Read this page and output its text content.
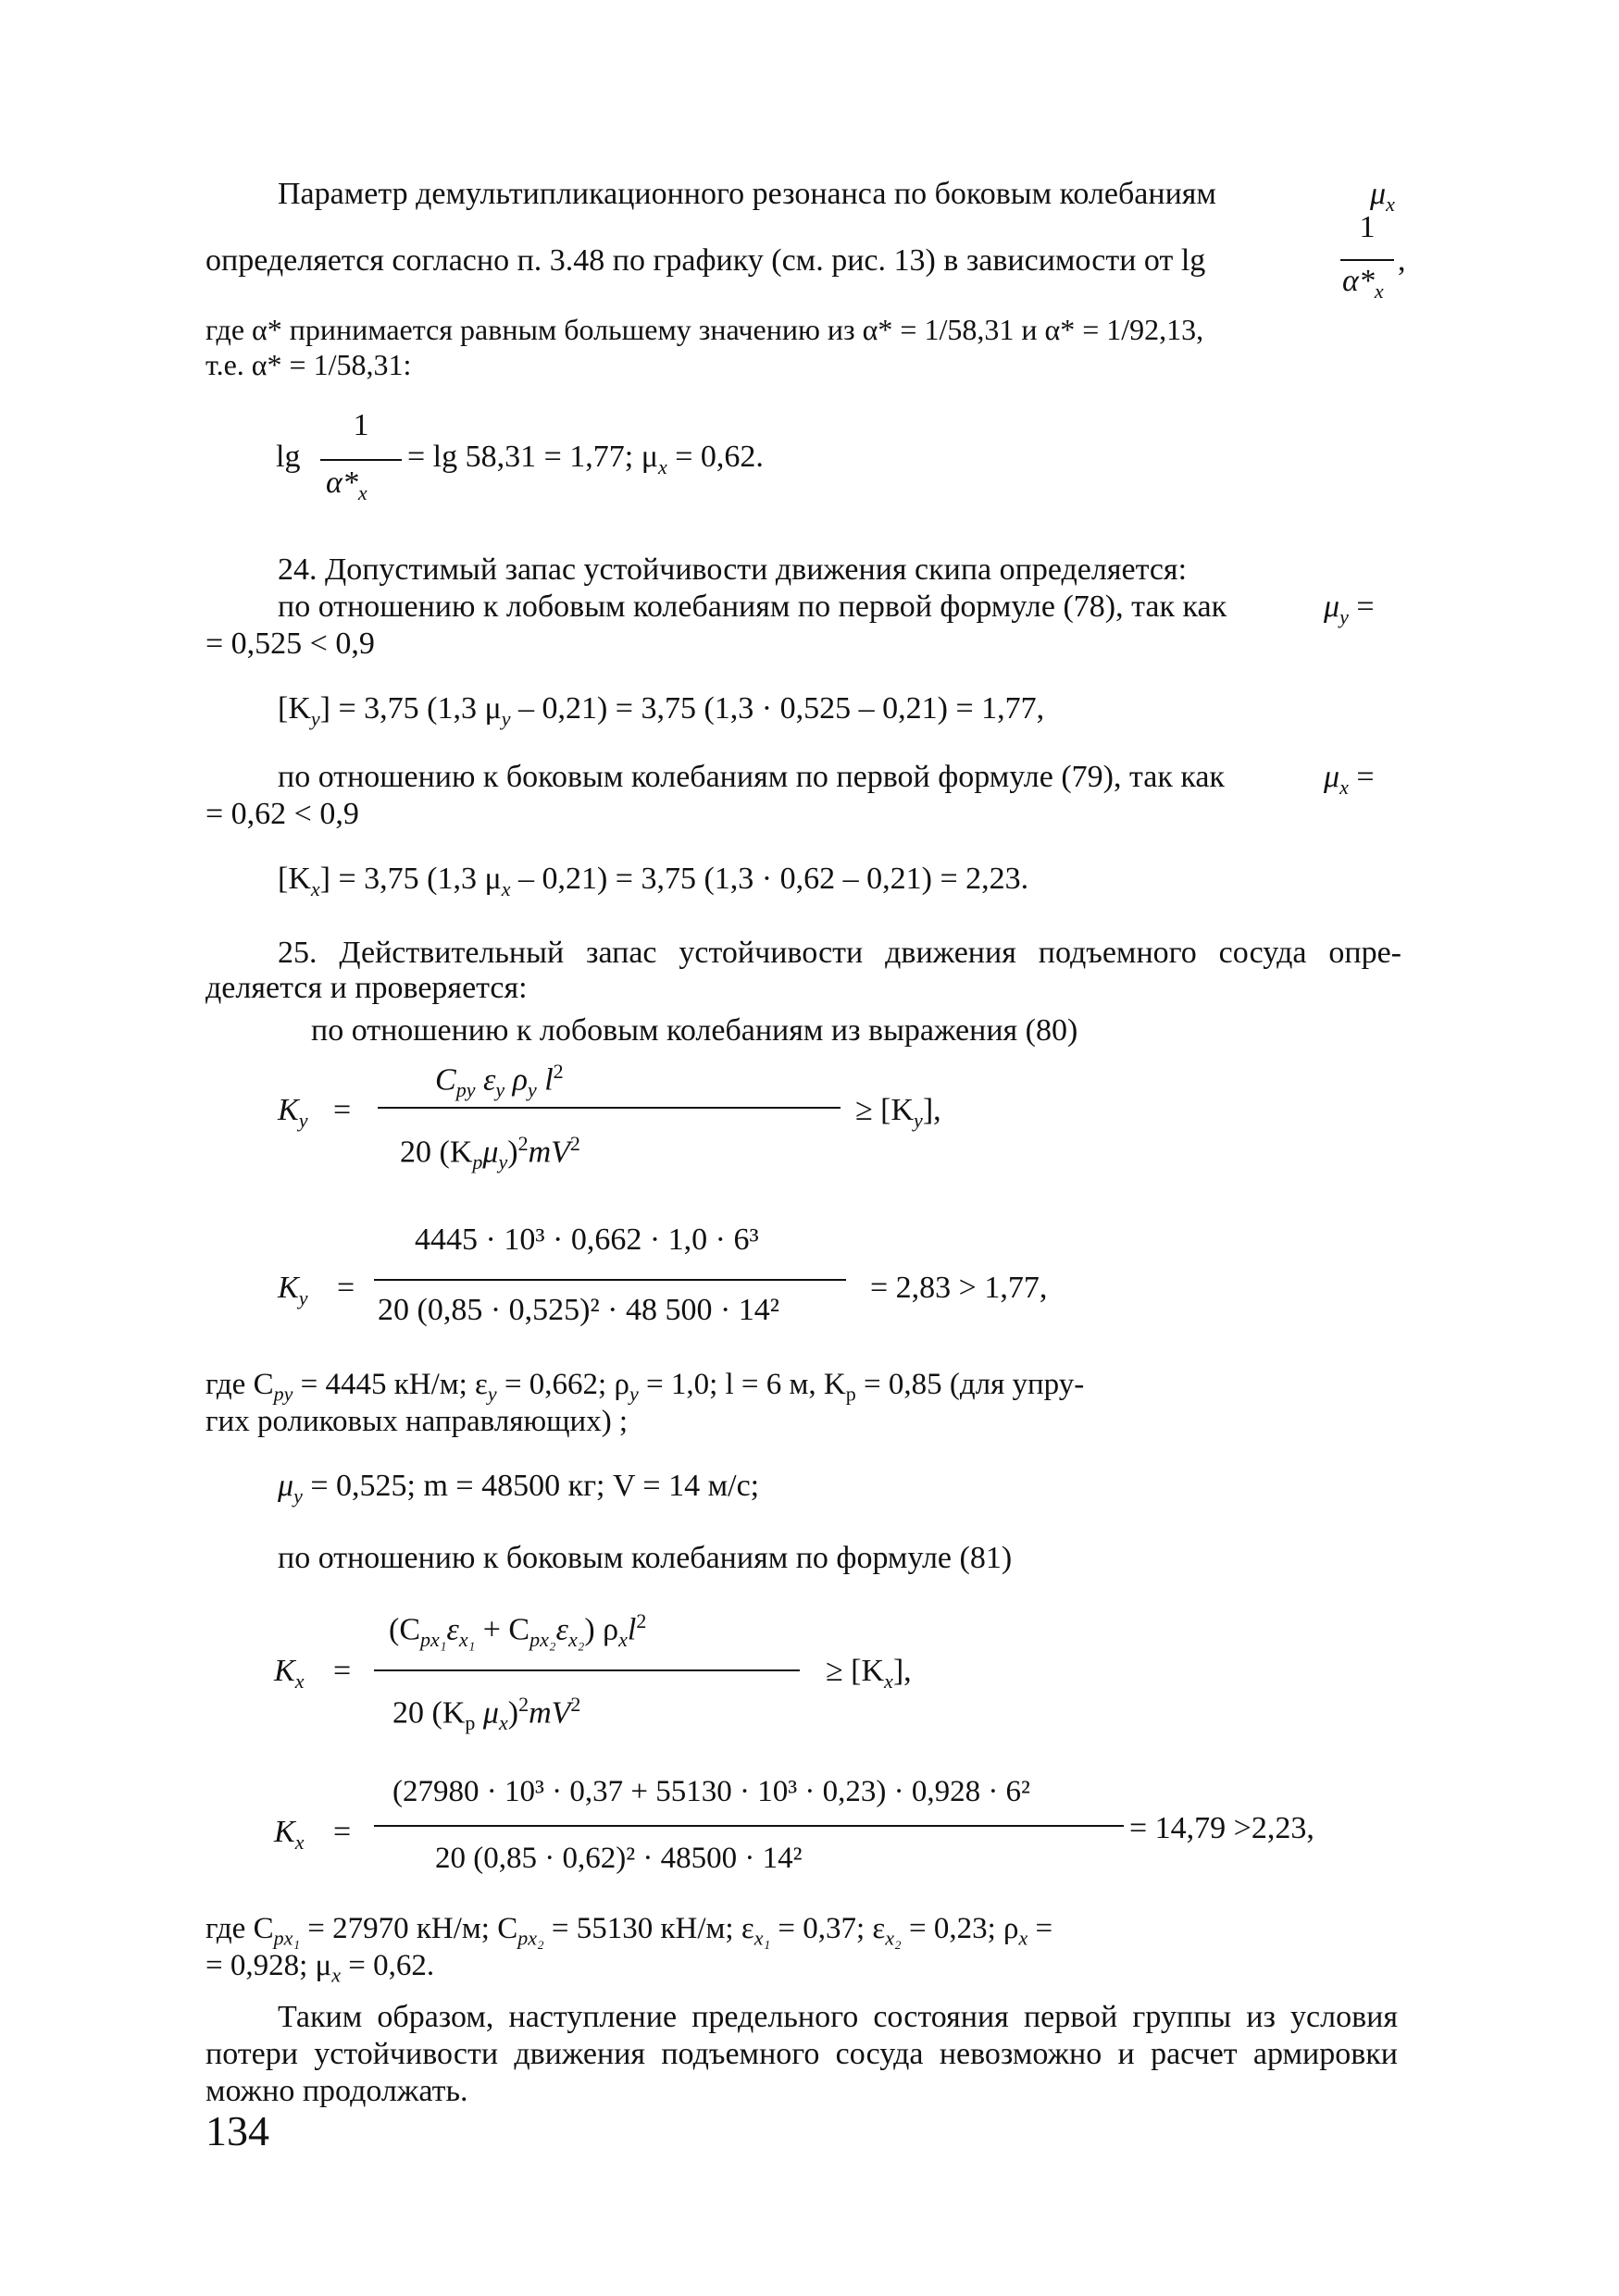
Параметр демультипликационного резонанса по боковым колебаниям	$\mu_x$
определяется согласно п. 3.48 по графику (см. рис. 13) в зависимости от lg
1
$\alpha*_x$
,
где α* принимается равным большему значению из α* = 1/58,31 и α* = 1/92,13,
т.е. α* = 1/58,31:
lg
1
$\alpha*_x$
= lg 58,31 = 1,77; $\mu_x = 0,62$.
24. Допустимый запас устойчивости движения скипа определяется:
по отношению к лобовым колебаниям по первой формуле (78), так как	$\mu_y$ =
= 0,525 < 0,9
$[K_y] = 3,75$ (1,3 $\mu_y - 0,21) = 3,75$ (1,3 · 0,525 – 0,21) = 1,77,
по отношению к боковым колебаниям по первой формуле (79), так как	$\mu_x$ =
= 0,62 < 0,9
$[K_x] = 3,75$ (1,3 $\mu_x - 0,21) = 3,75$ (1,3 · 0,62 – 0,21) = 2,23.
25. Действительный запас устойчивости движения подъемного сосуда опре-
деляется и проверяется:
по отношению к лобовым колебаниям из выражения (80)
$K_y$ =
$C_{py}$ $\varepsilon_y$ $\rho_y$ $l^2$
20 $(K_p\mu_y)^2mV^2$
≥ $[K_y]$,
$K_y$ =
4445 · 10³ · 0,662 · 1,0 · 6³
20 (0,85 · 0,525)² · 48 500 · 14²
= 2,83 > 1,77,
где $C_{py} = 4445$ кН/м; $\varepsilon_y = 0,662$; $\rho_y = 1,0$; l = 6 м, $K_p = 0,85$ (для упру-
гих роликовых направляющих) ;
$\mu_y = 0,525$; m = 48500 кг; V = 14 м/с;
по отношению к боковым колебаниям по формуле (81)
$K_x$ =
$(C_{px_1}\varepsilon_{x_1} + C_{px_2}\varepsilon_{x_2})$ $\rho_xl^2$
20 ($K_p$ $\mu_x)^2mV^2$
≥ $[K_x]$,
$K_x$ =
(27980 · 10³ · 0,37 + 55130 · 10³ · 0,23) · 0,928 · 6²
20 (0,85 · 0,62)² · 48500 · 14²
= 14,79 >2,23,
где $C_{px_1} = 27970$ кН/м; $C_{px_2} = 55130$ кН/м; $\varepsilon_{x_1} = 0,37$; $\varepsilon_{x_2} = 0,23$; $\rho_x$ =
= 0,928; $\mu_x = 0,62$.
Таким образом, наступление предельного состояния первой группы из условия
потери устойчивости движения подъемного сосуда невозможно и расчет армировки
можно продолжать.
134
